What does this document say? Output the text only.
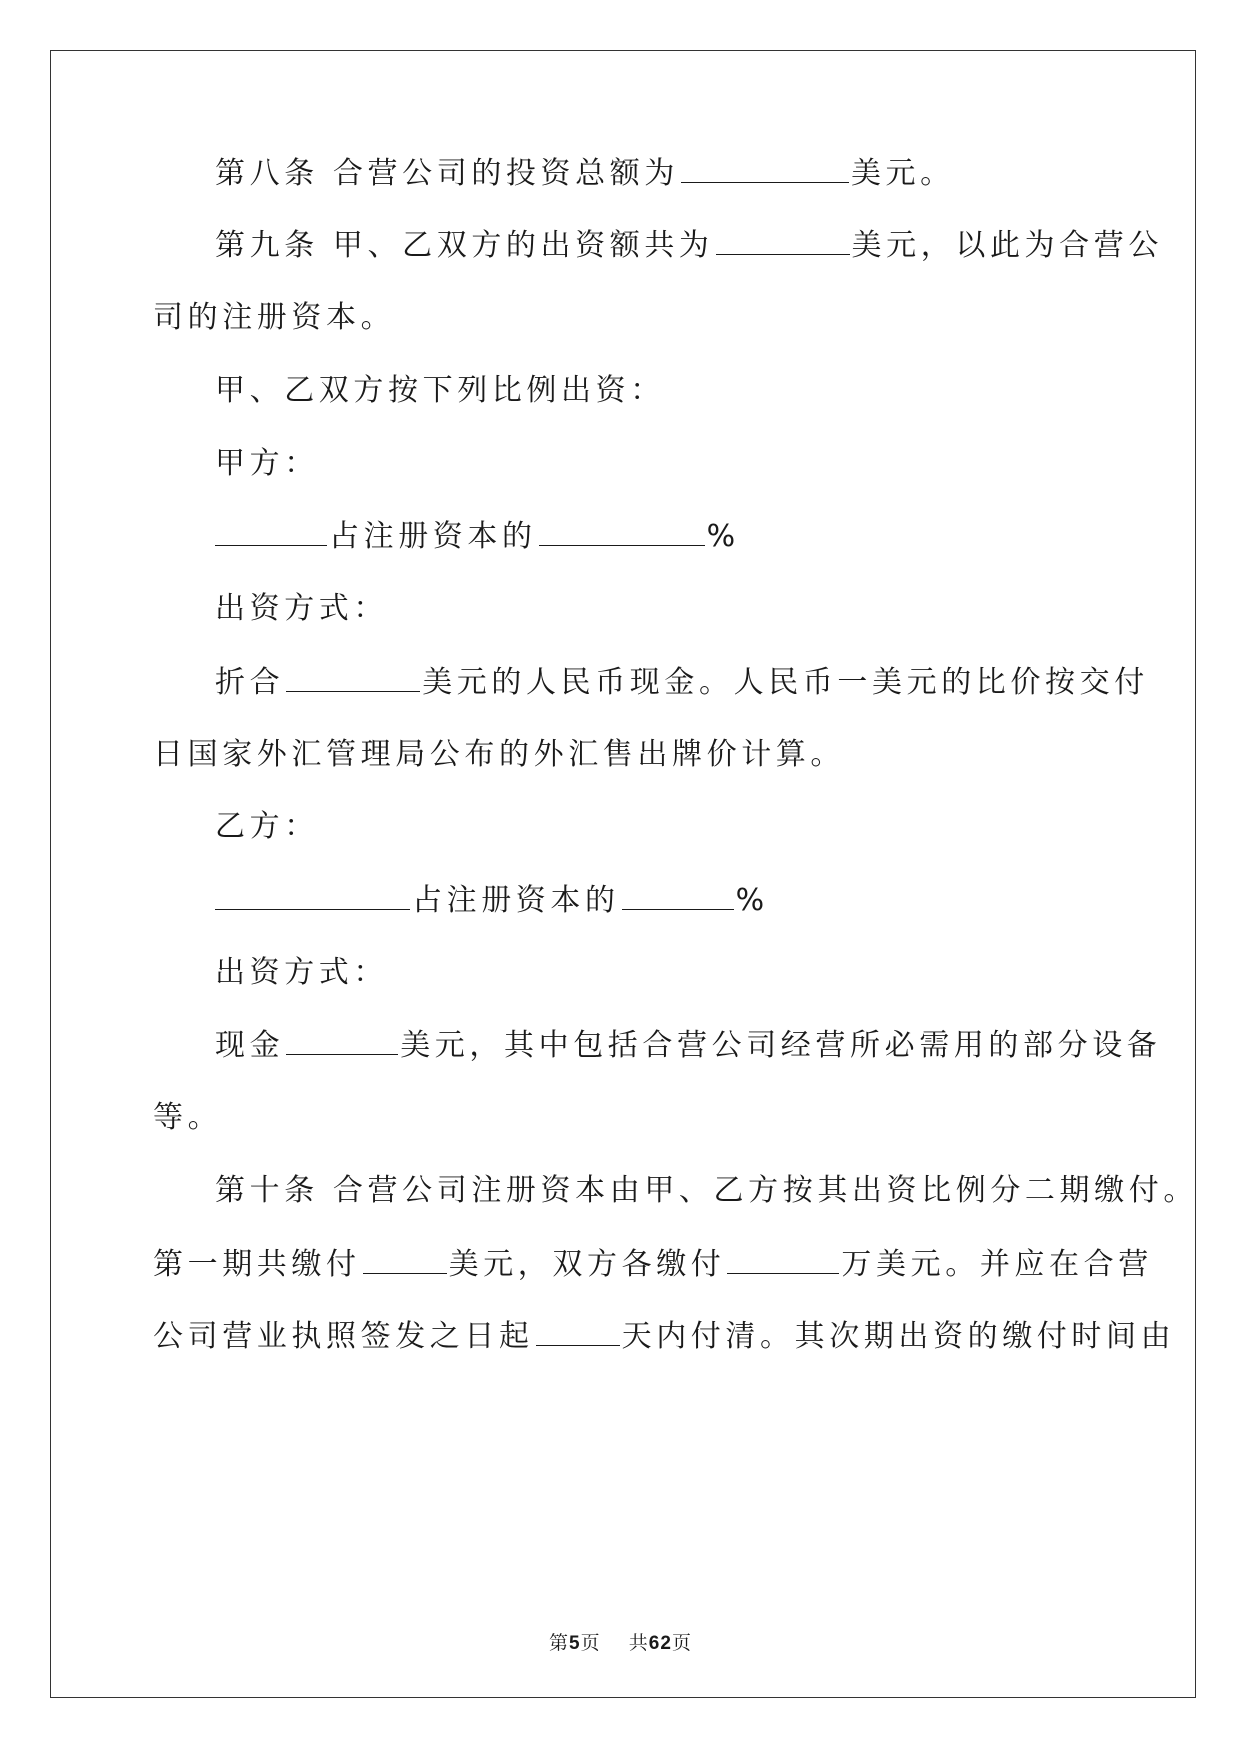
第八条 合营公司的投资总额为	美元。
第九条 甲、乙双方的出资额共为	美元，以此为合营公
司的注册资本。
甲、乙双方按下列比例出资：
甲方：
占注册资本的	%
出资方式：
折合	美元的人民币现金。人民币一美元的比价按交付
日国家外汇管理局公布的外汇售出牌价计算。
乙方：
占注册资本的	%
出资方式：
现金	美元，其中包括合营公司经营所必需用的部分设备
等。
第十条 合营公司注册资本由甲、乙方按其出资比例分二期缴付。
第一期共缴付	美元，双方各缴付	万美元。并应在合营
公司营业执照签发之日起	天内付清。其次期出资的缴付时间由
第5页    共62页
